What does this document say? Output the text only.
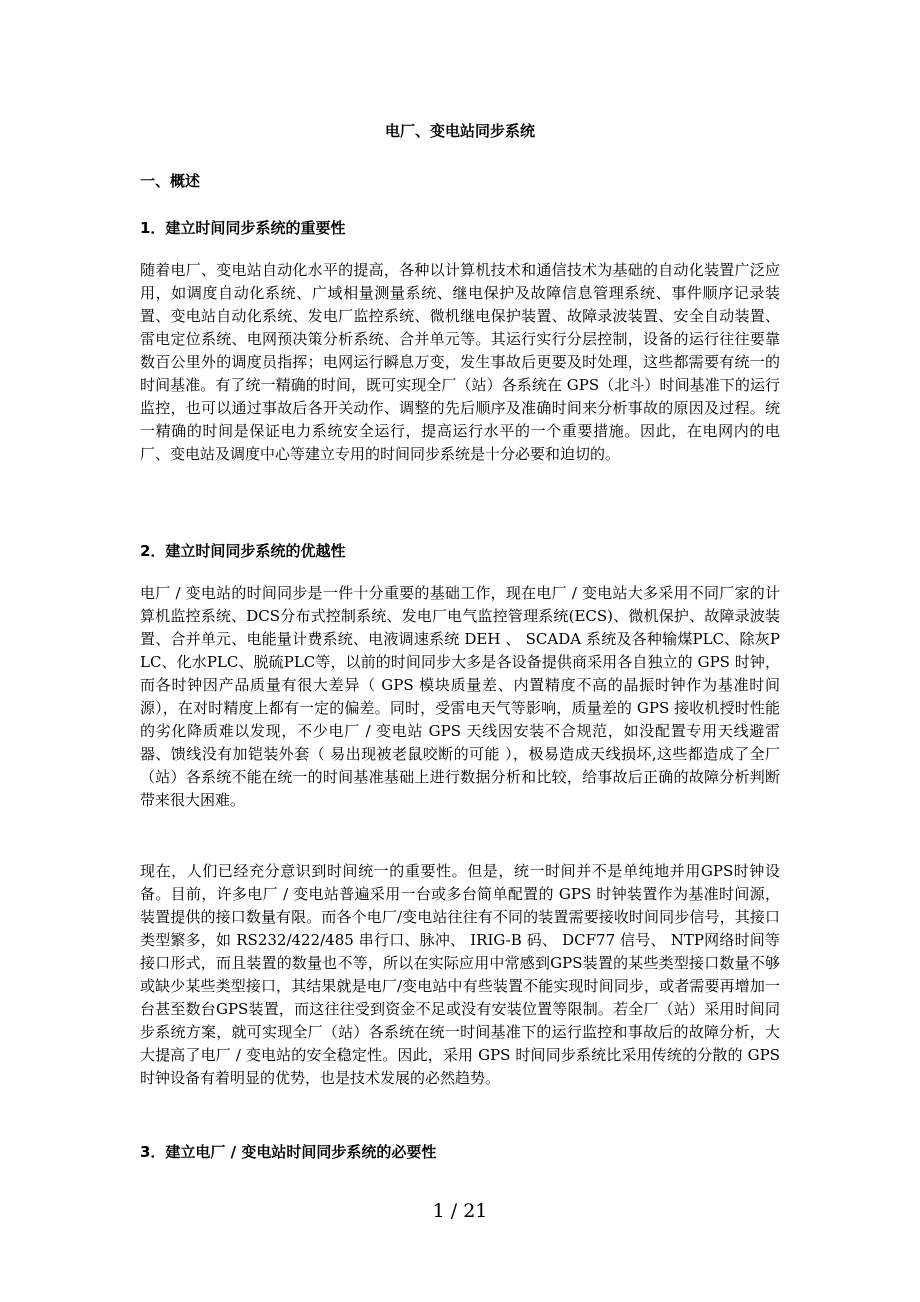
电厂、变电站同步系统
一、概述
1．建立时间同步系统的重要性

随着电厂、变电站自动化水平的提高，各种以计算机技术和通信技术为基础的自动化装置广泛应用，如调度自动化系统、广域相量测量系统、继电保护及故障信息管理系统、事件顺序记录装置、变电站自动化系统、发电厂监控系统、微机继电保护装置、故障录波装置、安全自动装置、雷电定位系统、电网预决策分析系统、合并单元等。其运行实行分层控制，设备的运行往往要靠数百公里外的调度员指挥；电网运行瞬息万变，发生事故后更要及时处理，这些都需要有统一的时间基准。有了统一精确的时间，既可实现全厂（站）各系统在 GPS（北斗）时间基准下的运行监控，也可以通过事故后各开关动作、调整的先后顺序及准确时间来分析事故的原因及过程。统一精确的时间是保证电力系统安全运行，提高运行水平的一个重要措施。因此，在电网内的电厂、变电站及调度中心等建立专用的时间同步系统是十分必要和迫切的。

2．建立时间同步系统的优越性

电厂 / 变电站的时间同步是一件十分重要的基础工作，现在电厂 / 变电站大多采用不同厂家的计算机监控系统、DCS分布式控制系统、发电厂电气监控管理系统(ECS)、微机保护、故障录波装置、合并单元、电能量计费系统、电液调速系统 DEH 、 SCADA 系统及各种输煤PLC、除灰PLC、化水PLC、脱硫PLC等，以前的时间同步大多是各设备提供商采用各自独立的 GPS 时钟，而各时钟因产品质量有很大差异（ GPS 模块质量差、内置精度不高的晶振时钟作为基准时间源），在对时精度上都有一定的偏差。同时，受雷电天气等影响，质量差的 GPS 接收机授时性能的劣化降质难以发现，不少电厂 / 变电站 GPS 天线因安装不合规范，如没配置专用天线避雷器、馈线没有加铠装外套（ 易出现被老鼠咬断的可能 ），极易造成天线损坏,这些都造成了全厂（站）各系统不能在统一的时间基准基础上进行数据分析和比较，给事故后正确的故障分析判断带来很大困难。

现在，人们已经充分意识到时间统一的重要性。但是，统一时间并不是单纯地并用GPS时钟设备。目前，许多电厂 / 变电站普遍采用一台或多台简单配置的 GPS 时钟装置作为基准时间源，装置提供的接口数量有限。而各个电厂/变电站往往有不同的装置需要接收时间同步信号，其接口类型繁多，如 RS232/422/485 串行口、脉冲、 IRIG-B 码、 DCF77 信号、 NTP网络时间等接口形式，而且装置的数量也不等，所以在实际应用中常感到GPS装置的某些类型接口数量不够或缺少某些类型接口，其结果就是电厂/变电站中有些装置不能实现时间同步，或者需要再增加一台甚至数台GPS装置，而这往往受到资金不足或没有安装位置等限制。若全厂（站）采用时间同步系统方案，就可实现全厂（站）各系统在统一时间基准下的运行监控和事故后的故障分析，大大提高了电厂 / 变电站的安全稳定性。因此，采用 GPS 时间同步系统比采用传统的分散的 GPS 时钟设备有着明显的优势，也是技术发展的必然趋势。

3．建立电厂 / 变电站时间同步系统的必要性
1 / 21
